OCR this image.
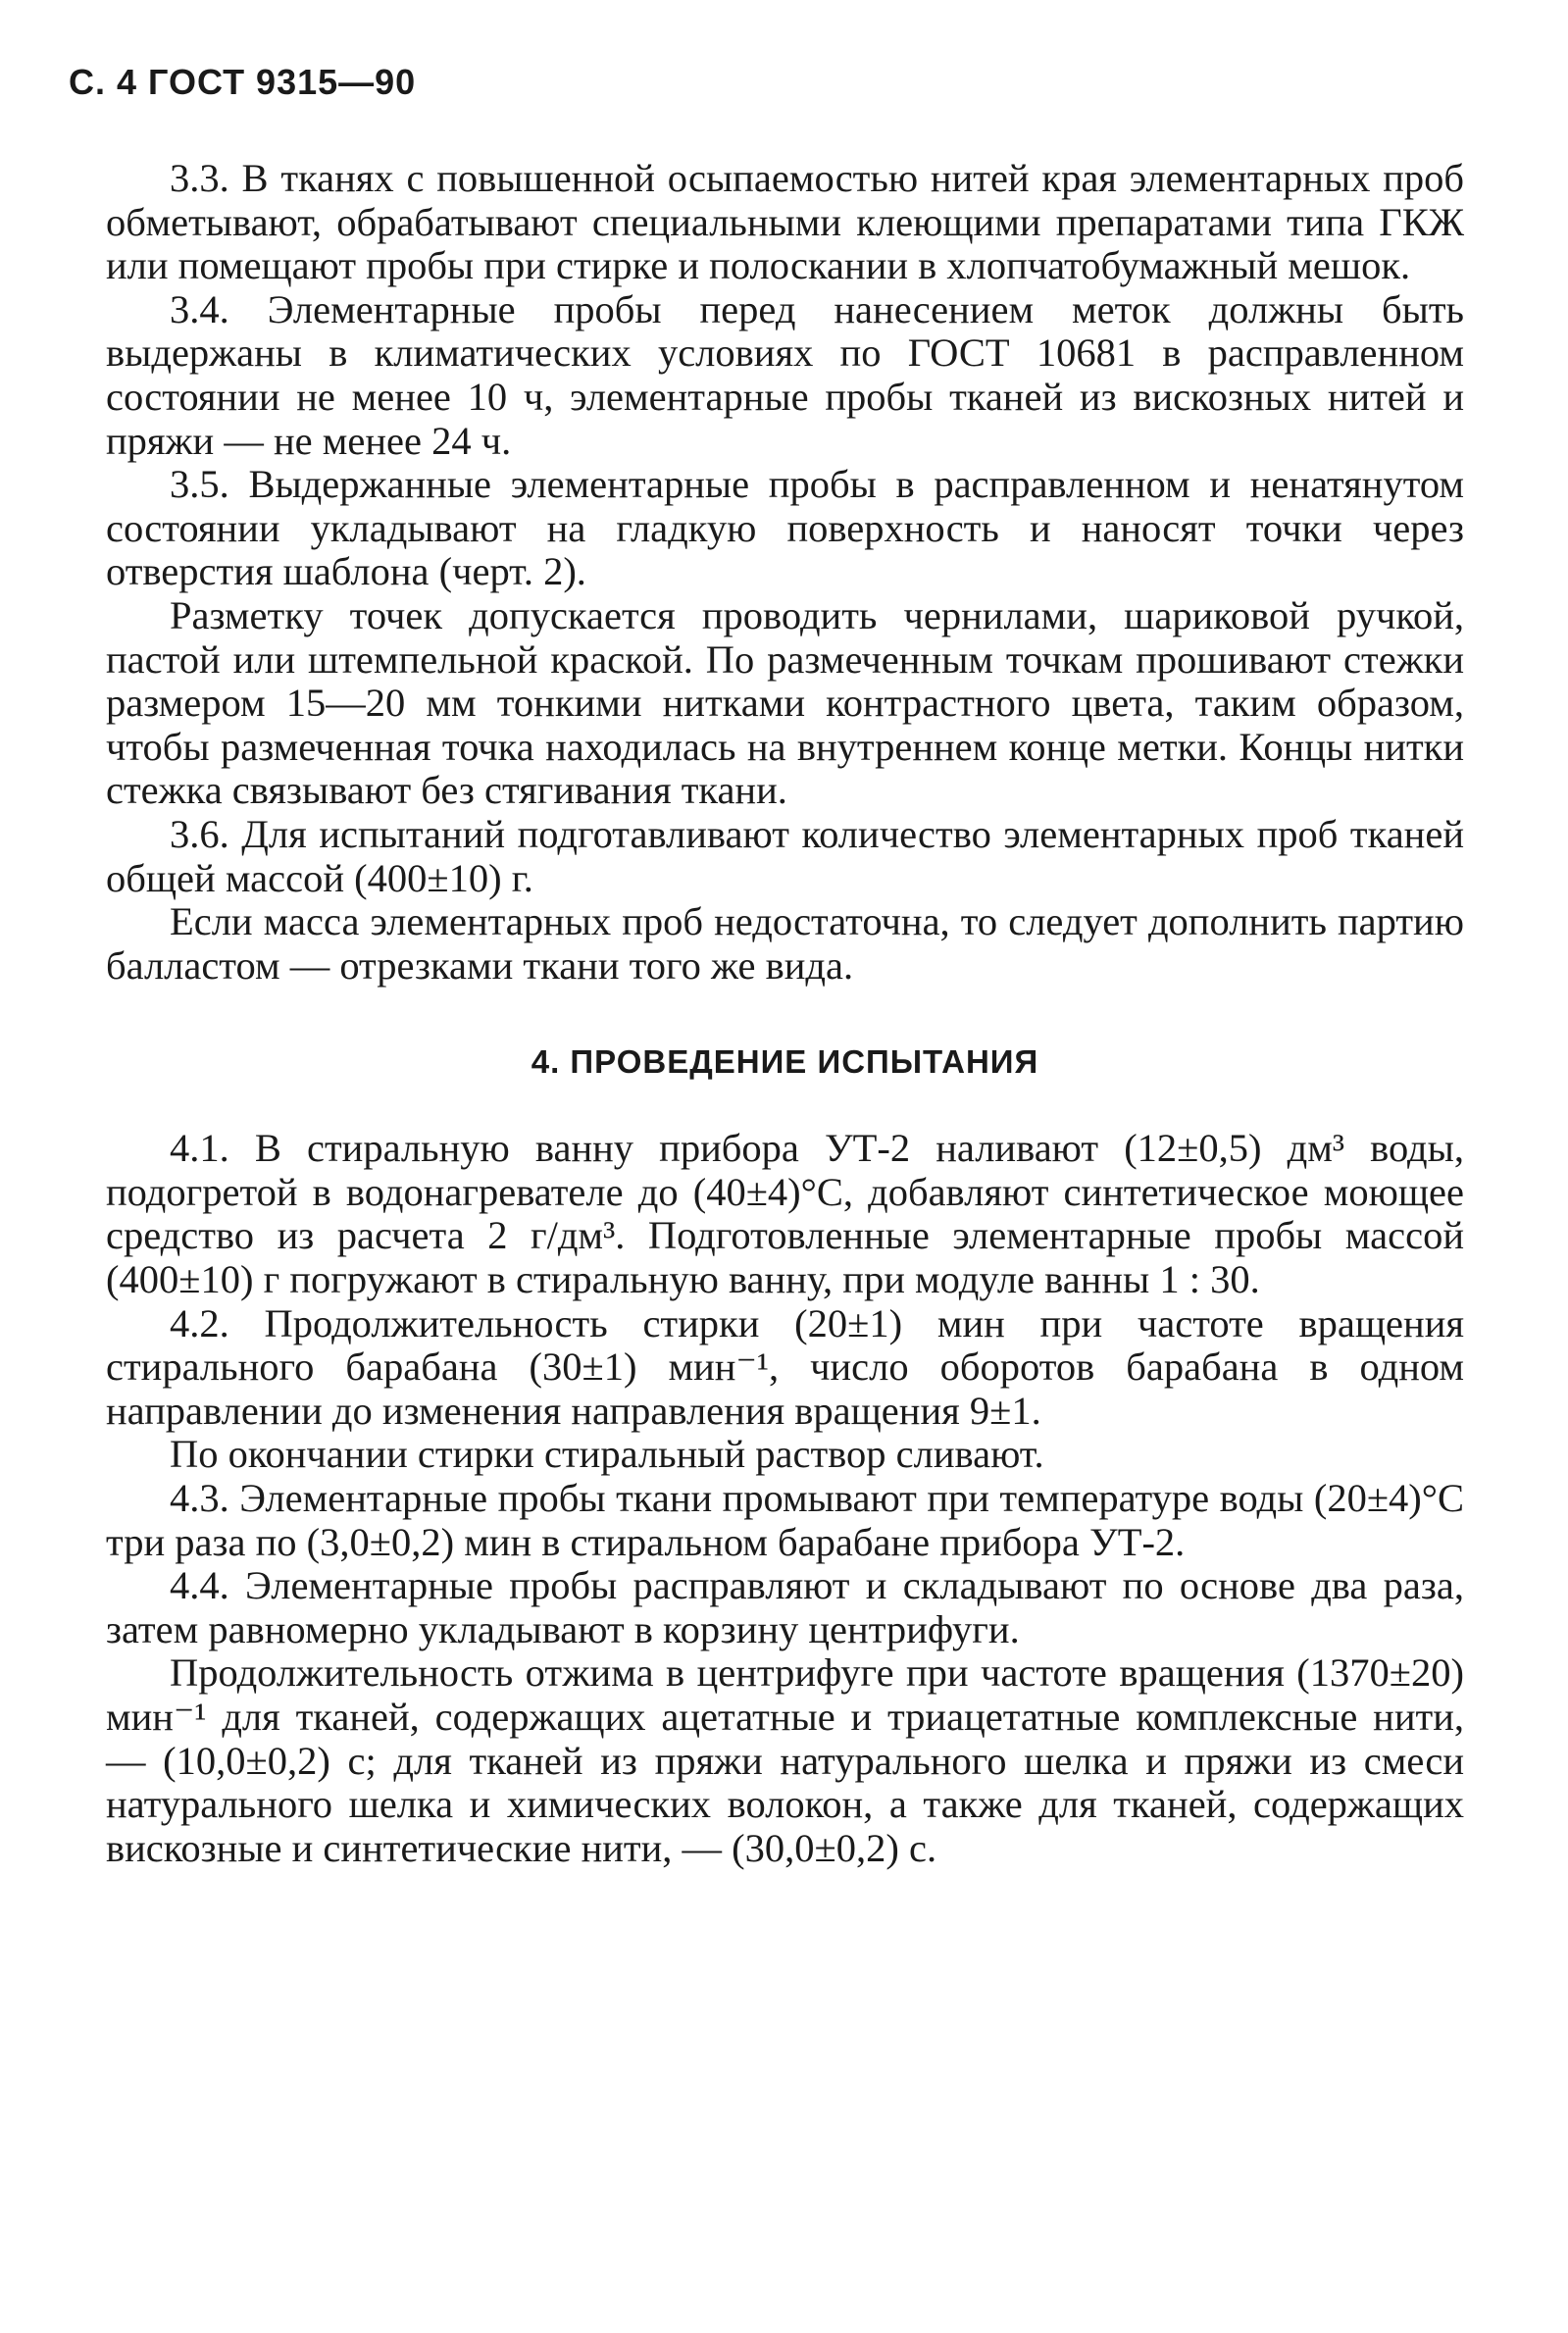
С. 4 ГОСТ 9315—90

3.3. В тканях с повышенной осыпаемостью нитей края элементарных проб обметывают, обрабатывают специальными клеющими препаратами типа ГКЖ или помещают пробы при стирке и полоскании в хлопчатобумажный мешок.

3.4. Элементарные пробы перед нанесением меток должны быть выдержаны в климатических условиях по ГОСТ 10681 в расправленном состоянии не менее 10 ч, элементарные пробы тканей из вискозных нитей и пряжи — не менее 24 ч.

3.5. Выдержанные элементарные пробы в расправленном и ненатянутом состоянии укладывают на гладкую поверхность и наносят точки через отверстия шаблона (черт. 2).

Разметку точек допускается проводить чернилами, шариковой ручкой, пастой или штемпельной краской. По размеченным точкам прошивают стежки размером 15—20 мм тонкими нитками контрастного цвета, таким образом, чтобы размеченная точка находилась на внутреннем конце метки. Концы нитки стежка связывают без стягивания ткани.

3.6. Для испытаний подготавливают количество элементарных проб тканей общей массой (400±10) г.

Если масса элементарных проб недостаточна, то следует дополнить партию балластом — отрезками ткани того же вида.

4. ПРОВЕДЕНИЕ ИСПЫТАНИЯ

4.1. В стиральную ванну прибора УТ-2 наливают (12±0,5) дм³ воды, подогретой в водонагревателе до (40±4)°С, добавляют синтетическое моющее средство из расчета 2 г/дм³. Подготовленные элементарные пробы массой (400±10) г погружают в стиральную ванну, при модуле ванны 1 : 30.

4.2. Продолжительность стирки (20±1) мин при частоте вращения стирального барабана (30±1) мин⁻¹, число оборотов барабана в одном направлении до изменения направления вращения 9±1.

По окончании стирки стиральный раствор сливают.

4.3. Элементарные пробы ткани промывают при температуре воды (20±4)°С три раза по (3,0±0,2) мин в стиральном барабане прибора УТ-2.

4.4. Элементарные пробы расправляют и складывают по основе два раза, затем равномерно укладывают в корзину центрифуги.

Продолжительность отжима в центрифуге при частоте вращения (1370±20) мин⁻¹ для тканей, содержащих ацетатные и триацетатные комплексные нити, — (10,0±0,2) с; для тканей из пряжи натурального шелка и пряжи из смеси натурального шелка и химических волокон, а также для тканей, содержащих вискозные и синтетические нити, — (30,0±0,2) с.
